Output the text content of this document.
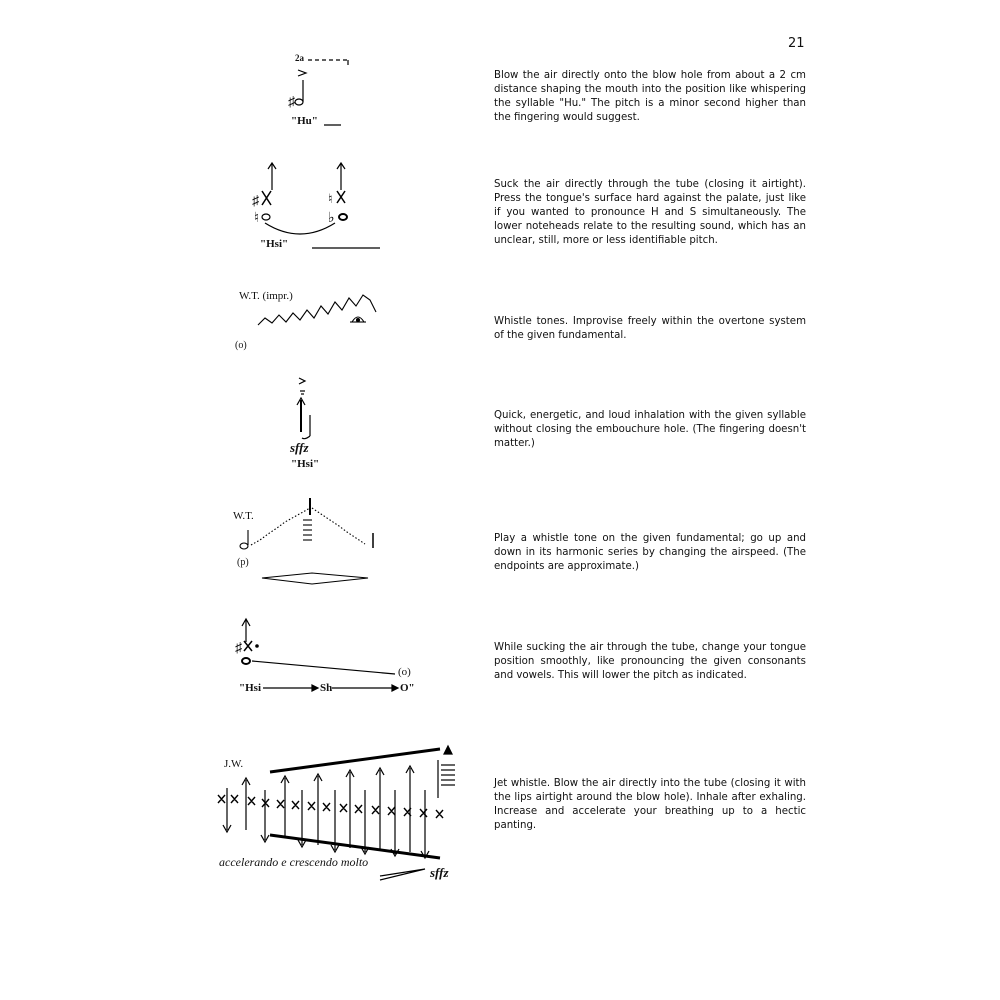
21
♯
♯	♮
♮	♭
♯
2a
"Hu"
"Hsi"
W.T. (impr.)
(o)
sffz
"Hsi"
W.T.
(p)
(o)
"Hsi	Sh	O"
J.W.
accelerando e crescendo molto
sffz
Blow the air directly onto the blow hole from about a 2 cm distance shaping the mouth into the position like whispering the syllable "Hu." The pitch is a minor second higher than the fingering would suggest.
Suck the air directly through the tube (closing it airtight). Press the tongue's surface hard against the palate, just like if you wanted to pronounce H and S simultaneously. The lower noteheads relate to the resulting sound, which has an unclear, still, more or less identifiable pitch.
Whistle tones. Improvise freely within the overtone system of the given fundamental.
Quick, energetic, and loud inhalation with the given syllable without closing the embouchure hole. (The fingering doesn't matter.)
Play a whistle tone on the given fundamental; go up and down in its harmonic series by changing the airspeed. (The endpoints are approximate.)
While sucking the air through the tube, change your tongue position smoothly, like pronouncing the given consonants and vowels. This will lower the pitch as indicated.
Jet whistle. Blow the air directly into the tube (closing it with the lips airtight around the blow hole). Inhale after exhaling. Increase and accelerate your breathing up to a hectic panting.
